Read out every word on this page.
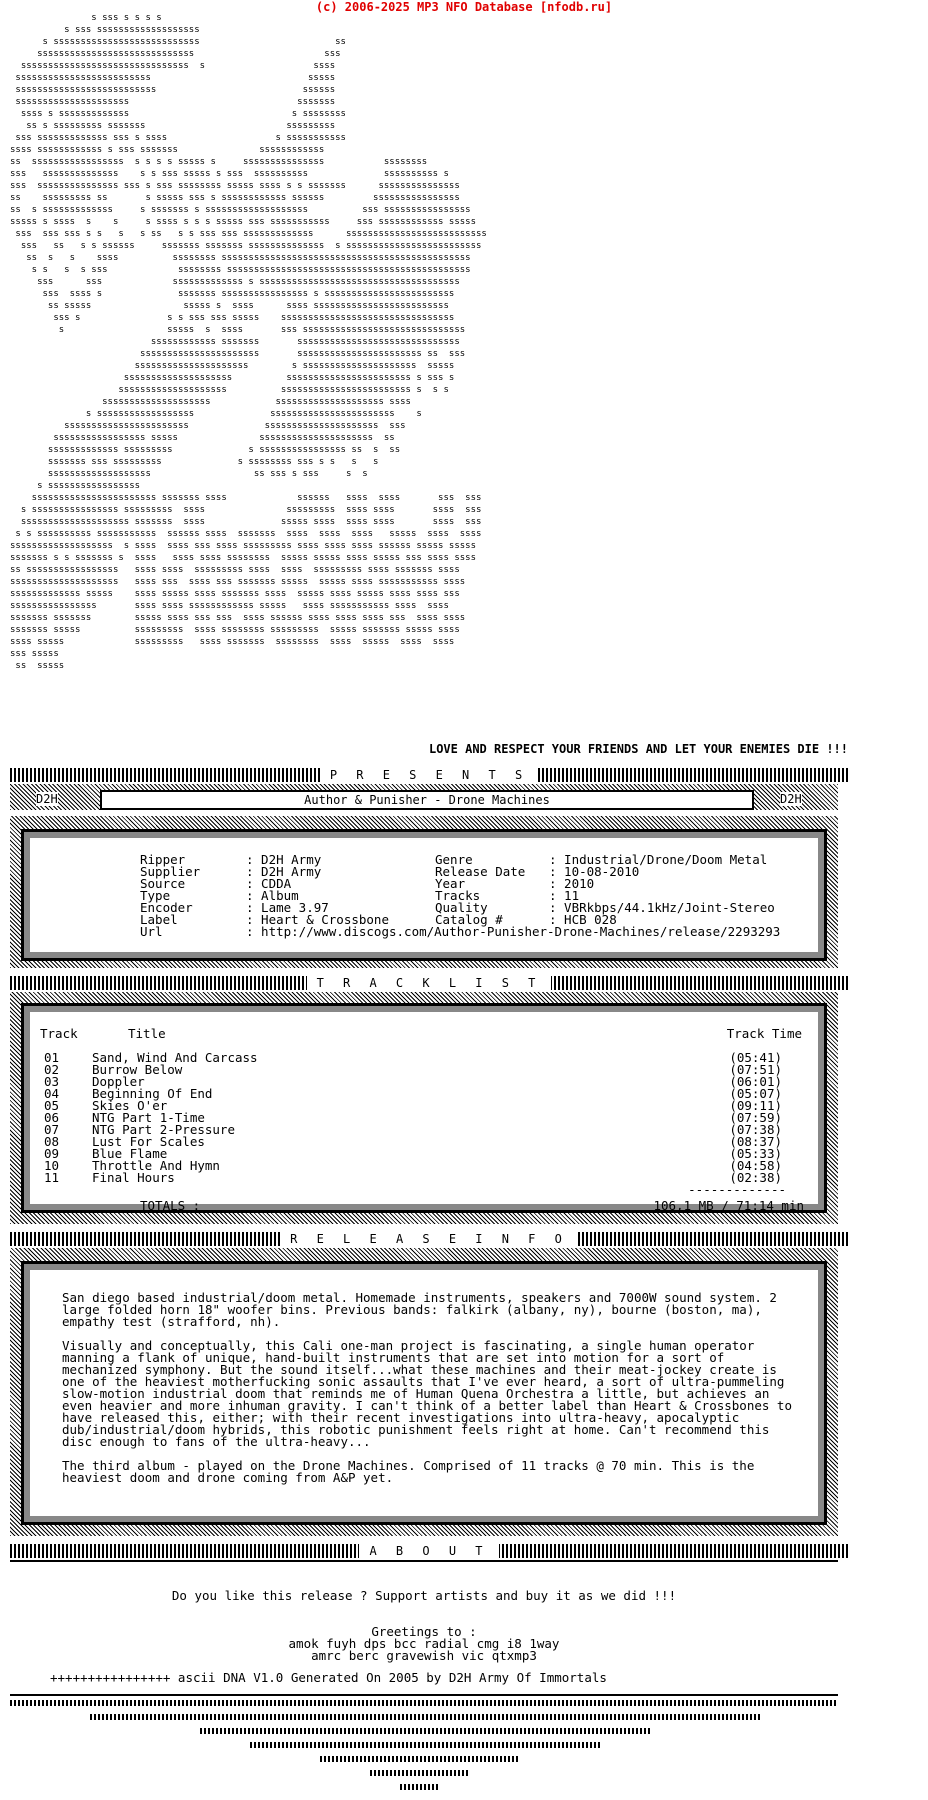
(c) 2006-2025 MP3 NFO Database [nfodb.ru]
s sss s s s s
s sss sssssssssssssssssss
s sssssssssssssssssssssssssss                         ss
sssssssssssssssssssssssssssss                        sss
sssssssssssssssssssssssssssssss  s                    ssss
sssssssssssssssssssssssss                             sssss
ssssssssssssssssssssssssss                           ssssss
sssssssssssssssssssss                               sssssss
ssss s sssssssssssss                              s ssssssss
ss s sssssssss sssssss                          sssssssss
sss sssssssssssss sss s ssss                    s sssssssssss
ssss ssssssssssss s sss sssssss               ssssssssssss
ss  sssssssssssssssss  s s s s sssss s     sssssssssssssss           ssssssss
sss   ssssssssssssss    s s sss sssss s sss  ssssssssss              ssssssssss s
sss  sssssssssssssss sss s sss ssssssss sssss ssss s s sssssss      sssssssssssssss
ss    sssssssss ss       s sssss sss s ssssssssssss ssssss         ssssssssssssssss
ss  s sssssssssssss     s sssssss s sssssssssssssssssss          sss ssssssssssssssss
sssss s ssss  s    s     s ssss s s s sssss sss sssssssssss     sss ssssssssssss sssss
sss  sss sss s s   s   s ss   s s sss sss sssssssssssss      ssssssssssssssssssssssssss
sss   ss   s s ssssss     sssssss sssssss ssssssssssssss  s sssssssssssssssssssssssss
ss  s   s    ssss          ssssssss ssssssssssssssssssssssssssssssssssssssssssssss
s s   s  s sss             ssssssss sssssssssssssssssssssssssssssssssssssssssssss
sss      sss             sssssssssssss s sssssssssssssssssssssssssssssssssssss
sss  ssss s              sssssss ssssssssssssssss s ssssssssssssssssssssssss
ss sssss                 sssss s  ssss      ssss sssssssssssssssssssssssss
sss s                s s sss sss sssss    ssssssssssssssssssssssssssssssss
s                   sssss  s  ssss       sss ssssssssssssssssssssssssssssss
ssssssssssss sssssss       ssssssssssssssssssssssssssssss
ssssssssssssssssssssss       sssssssssssssssssssssss ss  sss
sssssssssssssssssssss        s sssssssssssssssssssss  sssss
ssssssssssssssssssss          sssssssssssssssssssssss s sss s
ssssssssssssssssssss          ssssssssssssssssssssssss s  s s
ssssssssssssssssssss            ssssssssssssssssssss ssss
s ssssssssssssssssss              sssssssssssssssssssssss    s
sssssssssssssssssssssss              sssssssssssssssssssss  sss
sssssssssssssssss sssss               sssssssssssssssssssss  ss
sssssssssssss sssssssss              s ssssssssssssssss ss  s  ss
sssssss sss sssssssss              s ssssssss sss s s   s   s
sssssssssssssssssss                   ss sss s sss     s  s
s sssssssssssssssss
sssssssssssssssssssssss sssssss ssss             ssssss   ssss  ssss       sss  sss
s ssssssssssssssss sssssssss  ssss               sssssssss  ssss ssss       ssss  sss
ssssssssssssssssssss sssssss  ssss              sssss ssss  ssss ssss       ssss  sss
s s ssssssssss sssssssssss  ssssss ssss  sssssss  ssss  ssss  ssss   sssss  ssss  ssss
sssssssssssssssssss  s ssss  ssss sss ssss sssssssss ssss ssss ssss ssssss sssss sssss
sssssss s s sssssss s  ssss   ssss ssss ssssssss  sssss sssss ssss sssss sss ssss ssss
ss sssssssssssssssss   ssss ssss  sssssssss ssss  ssss  sssssssss ssss sssssss ssss
ssssssssssssssssssss   ssss sss  ssss sss sssssss sssss  sssss ssss sssssssssss ssss
sssssssssssss sssss    ssss sssss ssss sssssss ssss  sssss ssss sssss ssss ssss sss
ssssssssssssssss       ssss ssss ssssssssssss sssss   ssss sssssssssss ssss  ssss
sssssss sssssss        sssss ssss sss sss  ssss ssssss ssss ssss ssss sss  ssss ssss
sssssss sssss          sssssssss  ssss ssssssss sssssssss  sssss sssssss sssss ssss
ssss sssss             sssssssss   ssss sssssss  ssssssss  ssss  sssss  ssss  ssss
sss sssss
ss  sssss
LOVE AND RESPECT YOUR FRIENDS AND LET YOUR ENEMIES DIE !!!
P R E S E N T S
D2H	D2H
Author & Punisher - Drone Machines
Ripper	: D2H Army
Supplier	: D2H Army
Source	: CDDA
Type	: Album
Encoder	: Lame 3.97
Label	: Heart & Crossbone
Url	: http://www.discogs.com/Author-Punisher-Drone-Machines/release/2293293
Genre	: Industrial/Drone/Doom Metal
Release Date	: 10-08-2010
Year	: 2010
Tracks	: 11
Quality	: VBRkbps/44.1kHz/Joint-Stereo
Catalog #	: HCB 028
T R A C K L I S T
Track	Title	Track Time
01	Sand, Wind And Carcass	(05:41)
02	Burrow Below	(07:51)
03	Doppler	(06:01)
04	Beginning Of End	(05:07)
05	Skies O'er	(09:11)
06	NTG Part 1-Time	(07:59)
07	NTG Part 2-Pressure	(07:38)
08	Lust For Scales	(08:37)
09	Blue Flame	(05:33)
10	Throttle And Hymn	(04:58)
11	Final Hours	(02:38)
-------------
TOTALS :	106,1 MB / 71:14 min
R E L E A S E I N F O

San diego based industrial/doom metal. Homemade instruments, speakers and 7000W sound system. 2 large folded horn 18" woofer bins. Previous bands: falkirk (albany, ny), bourne (boston, ma), empathy test (strafford, nh).

Visually and conceptually, this Cali one-man project is fascinating, a single human operator manning a flank of unique, hand-built instruments that are set into motion for a sort of mechanized symphony. But the sound itself...what these machines and their meat-jockey create is one of the heaviest motherfucking sonic assaults that I've ever heard, a sort of ultra-pummeling slow-motion industrial doom that reminds me of Human Quena Orchestra a little, but achieves an even heavier and more inhuman gravity. I can't think of a better label than Heart & Crossbones to have released this, either; with their recent investigations into ultra-heavy, apocalyptic dub/industrial/doom hybrids, this robotic punishment feels right at home. Can't recommend this disc enough to fans of the ultra-heavy...

The third album - played on the Drone Machines. Comprised of 11 tracks @ 70 min. This is the heaviest doom and drone coming from A&P yet.

A B O U T
Do you like this release ? Support artists and buy it as we did !!!
Greetings to :
amok fuyh dps bcc radial cmg i8 1way
amrc berc gravewish vic qtxmp3
++++++++++++++++ ascii DNA V1.0 Generated On 2005 by D2H Army Of Immortals
